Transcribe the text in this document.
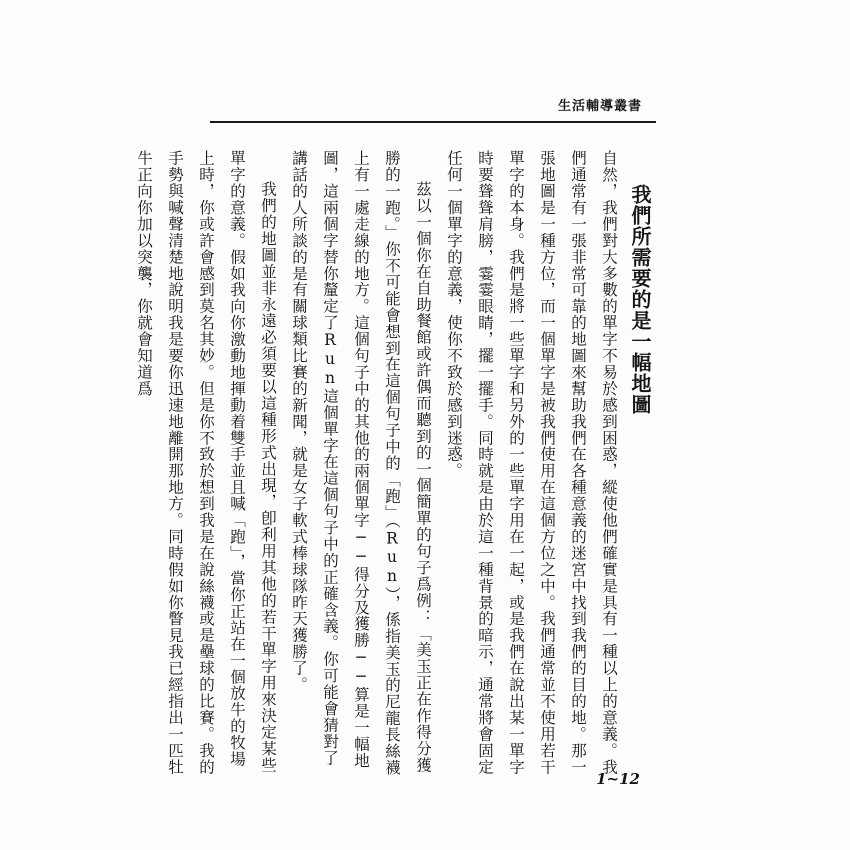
生活輔導叢書
我們所需要的是一幅地圖

自然，我們對大多數的單字不易於感到困惑，縱使他們確實是具有一種以上的意義。我們通常有一張非常可靠的地圖來幫助我們在各種意義的迷宮中找到我們的目的地。那一張地圖是一種方位，而一個單字是被我們使用在這個方位之中。我們通常並不使用若干單字的本身。我們是將一些單字和另外的一些單字用在一起，或是我們在說出某一單字時要聳聳肩膀，霎霎眼睛，擺一擺手。同時就是由於這一種背景的暗示，通常將會固定任何一個單字的意義，使你不致於感到迷惑。

茲以一個你在自助餐館或許偶而聽到的一個簡單的句子爲例：「美玉正在作得分獲勝的一跑。」你不可能會想到在這個句子中的「跑」（Run），係指美玉的尼龍長絲襪上有一處走線的地方。這個句子中的其他的兩個單字──得分及獲勝──算是一幅地圖，這兩個字替你釐定了Run這個單字在這個句子中的正確含義。你可能會猜對了講話的人所談的是有關球類比賽的新聞，就是女子軟式棒球隊昨天獲勝了。

我們的地圖並非永遠必須要以這種形式出現，卽利用其他的若干單字用來決定某些單字的意義。假如我向你激動地揮動着雙手並且喊「跑」，當你正站在一個放牛的牧場上時，你或許會感到莫名其妙。但是你不致於想到我是在說絲襪或是壘球的比賽。我的手勢與喊聲清楚地說明我是要你迅速地離開那地方。同時假如你瞥見我已經指出一匹牡牛正向你加以突襲，你就會知道爲

1~12
